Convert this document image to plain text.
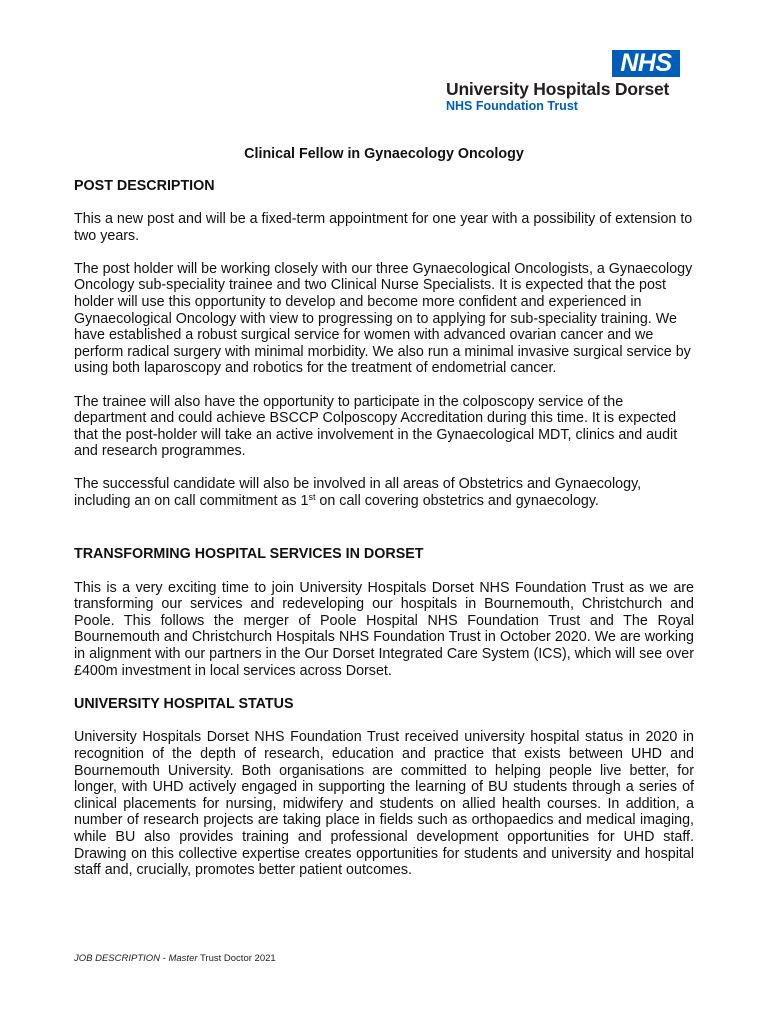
NHS
University Hospitals Dorset
NHS Foundation Trust
Clinical Fellow in Gynaecology Oncology
POST DESCRIPTION

This a new post and will be a fixed-term appointment for one year with a possibility of extension to two years.

The post holder will be working closely with our three Gynaecological Oncologists, a Gynaecology Oncology sub-speciality trainee and two Clinical Nurse Specialists. It is expected that the post holder will use this opportunity to develop and become more confident and experienced in Gynaecological Oncology with view to progressing on to applying for sub-speciality training. We have established a robust surgical service for women with advanced ovarian cancer and we perform radical surgery with minimal morbidity. We also run a minimal invasive surgical service by using both laparoscopy and robotics for the treatment of endometrial cancer.

The trainee will also have the opportunity to participate in the colposcopy service of the department and could achieve BSCCP Colposcopy Accreditation during this time. It is expected that the post-holder will take an active involvement in the Gynaecological MDT, clinics and audit and research programmes.

The successful candidate will also be involved in all areas of Obstetrics and Gynaecology, including an on call commitment as 1st on call covering obstetrics and gynaecology.

TRANSFORMING HOSPITAL SERVICES IN DORSET

This is a very exciting time to join University Hospitals Dorset NHS Foundation Trust as we are transforming our services and redeveloping our hospitals in Bournemouth, Christchurch and Poole. This follows the merger of Poole Hospital NHS Foundation Trust and The Royal Bournemouth and Christchurch Hospitals NHS Foundation Trust in October 2020. We are working in alignment with our partners in the Our Dorset Integrated Care System (ICS), which will see over £400m investment in local services across Dorset.

UNIVERSITY HOSPITAL STATUS

University Hospitals Dorset NHS Foundation Trust received university hospital status in 2020 in recognition of the depth of research, education and practice that exists between UHD and Bournemouth University. Both organisations are committed to helping people live better, for longer, with UHD actively engaged in supporting the learning of BU students through a series of clinical placements for nursing, midwifery and students on allied health courses. In addition, a number of research projects are taking place in fields such as orthopaedics and medical imaging, while BU also provides training and professional development opportunities for UHD staff. Drawing on this collective expertise creates opportunities for students and university and hospital staff and, crucially, promotes better patient outcomes.

JOB DESCRIPTION - Master Trust Doctor 2021
